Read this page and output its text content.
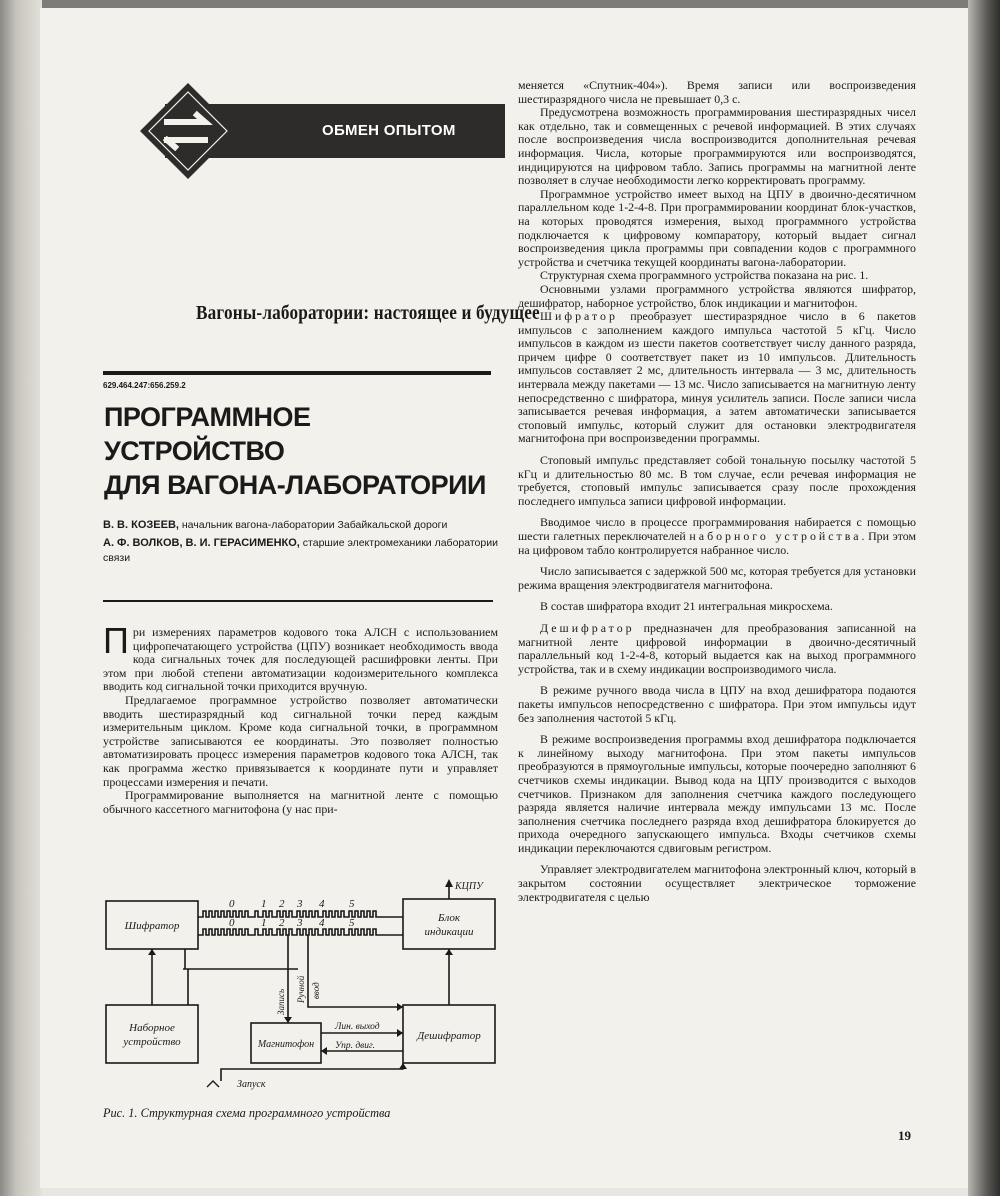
ОБМЕН ОПЫТОМ
Вагоны-лаборатории: настоящее и будущее
629.464.247:656.259.2
ПРОГРАММНОЕ
УСТРОЙСТВО
ДЛЯ ВАГОНА-ЛАБОРАТОРИИ

В. В. КОЗЕЕВ, начальник вагона-лаборатории Забайкальской дороги

А. Ф. ВОЛКОВ, В. И. ГЕРАСИМЕНКО, старшие электромеханики лаборатории связи

При измерениях параметров кодового тока АЛСН с использованием цифропечатающего устройства (ЦПУ) возникает необходимость ввода кода сигнальных точек для последующей расшифровки ленты. При этом при любой степени автоматизации кодоизмерительного комплекса вводить код сигнальной точки приходится вручную.

Предлагаемое программное устройство позволяет автоматически вводить шестиразрядный код сигнальной точки перед каждым измерительным циклом. Кроме кода сигнальной точки, в программном устройстве записываются ее координаты. Это позволяет полностью автоматизировать процесс измерения параметров кодового тока АЛСН, так как программа жестко привязывается к координате пути и управляет процессами измерения и печати.

Программирование выполняется на магнитной ленте с помощью обычного кассетного магнитофона (у нас при-

Шифратор
Блок
индикации
Наборное
устройство	Магнитофон
Дешифратор
КЦПУ
Лин. выход
Упр. двиг.
Запуск
Запись Ручной ввод
0 1 2 3 4 5
0 1 2 3 4 5
Рис. 1. Структурная схема программного устройства

меняется «Спутник-404»). Время записи или воспроизведения шестиразрядного числа не превышает 0,3 с.

Предусмотрена возможность программирования шестиразрядных чисел как отдельно, так и совмещенных с речевой информацией. В этих случаях после воспроизведения числа воспроизводится дополнительная речевая информация. Числа, которые программируются или воспроизводятся, индицируются на цифровом табло. Запись программы на магнитной ленте позволяет в случае необходимости легко корректировать программу.

Программное устройство имеет выход на ЦПУ в двоично-десятичном параллельном коде 1-2-4-8. При программировании координат блок-участков, на которых проводятся измерения, выход программного устройства подключается к цифровому компаратору, который выдает сигнал воспроизведения цикла программы при совпадении кодов с программного устройства и счетчика текущей координаты вагона-лаборатории.

Структурная схема программного устройства показана на рис. 1.

Основными узлами программного устройства являются шифратор, дешифратор, наборное устройство, блок индикации и магнитофон.

Шифратор преобразует шестиразрядное число в 6 пакетов импульсов с заполнением каждого импульса частотой 5 кГц. Число импульсов в каждом из шести пакетов соответствует числу данного разряда, причем цифре 0 соответствует пакет из 10 импульсов. Длительность импульсов составляет 2 мс, длительность интервала — 3 мс, длительность интервала между пакетами — 13 мс. Число записывается на магнитную ленту непосредственно с шифратора, минуя усилитель записи. После записи числа записывается речевая информация, а затем автоматически записывается стоповый импульс, который служит для остановки электродвигателя магнитофона при воспроизведении программы.

Стоповый импульс представляет собой тональную посылку частотой 5 кГц и длительностью 80 мс. В том случае, если речевая информация не требуется, стоповый импульс записывается сразу после прохождения последнего импульса записи цифровой информации.

Вводимое число в процессе программирования набирается с помощью шести галетных переключателей наборного устройства. При этом на цифровом табло контролируется набранное число.

Число записывается с задержкой 500 мс, которая требуется для установки режима вращения электродвигателя магнитофона.

В состав шифратора входит 21 интегральная микросхема.

Дешифратор предназначен для преобразования записанной на магнитной ленте цифровой информации в двоично-десятичный параллельный код 1-2-4-8, который выдается как на выход программного устройства, так и в схему индикации воспроизводимого числа.

В режиме ручного ввода числа в ЦПУ на вход дешифратора подаются пакеты импульсов непосредственно с шифратора. При этом импульсы идут без заполнения частотой 5 кГц.

В режиме воспроизведения программы вход дешифратора подключается к линейному выходу магнитофона. При этом пакеты импульсов преобразуются в прямоугольные импульсы, которые поочередно заполняют 6 счетчиков схемы индикации. Вывод кода на ЦПУ производится с выходов счетчиков. Признаком для заполнения счетчика каждого последующего разряда является наличие интервала между импульсами 13 мс. После заполнения счетчика последнего разряда вход дешифратора блокируется до прихода очередного запускающего импульса. Входы счетчиков схемы индикации переключаются сдвиговым регистром.

Управляет электродвигателем магнитофона электронный ключ, который в закрытом состоянии осуществляет электрическое торможение электродвигателя с целью

19
